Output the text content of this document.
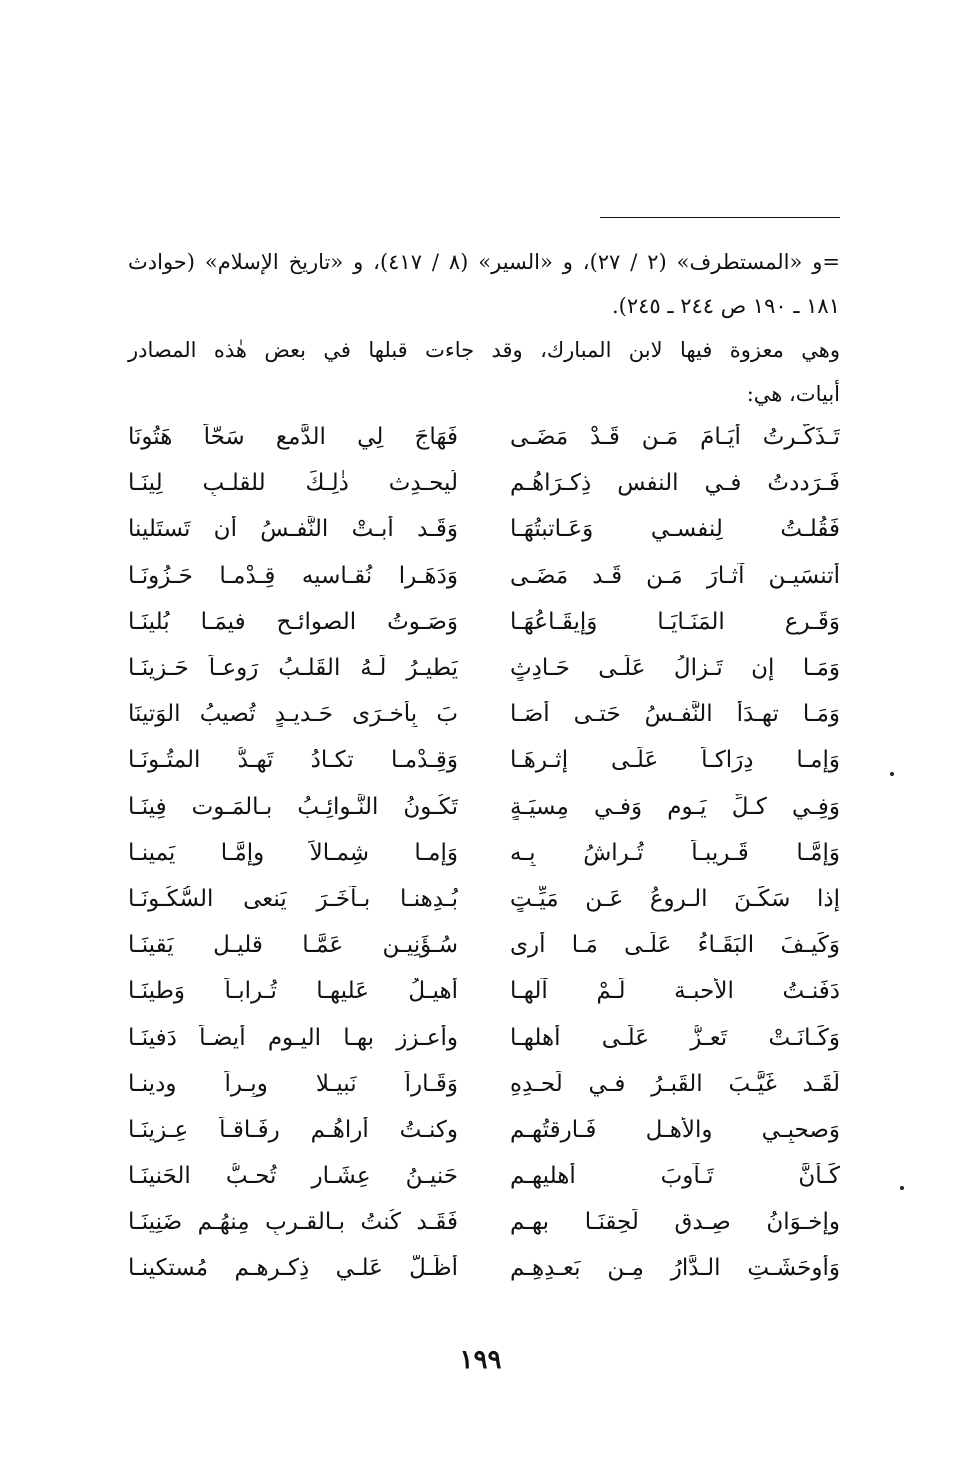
=و «المستطرف» (٢ / ٢٧)، و «السير» (٨ / ٤١٧)، و «تاريخ الإسلام» (حوادث
١٨١ ـ ١٩٠ ص ٢٤٤ ـ ٢٤٥).
وهي معزوة فيها لابن المبارك، وقد جاءت قبلها في بعض هٰذه المصادر
أبيات، هي:
تَـذَكَّـرتُ أيَـامَ مَـن قَـدْ مَضَـى
فَهَاجَ لِي الدَّمع سَحّاً هَتُونَا
فَـرَددتُ فـي النفس ذِكـرَاهُـم
لُيحـدِث ذٰلِـكَ للقلـبِ لِينَـا
فَقُلـتُ لِنفسـي وَعَـاتبتُهَـا
وَقَـد أبـتْ النَّفـسُ أن تَستَلينا
أتنسَيـن آثـارَ مَـن قَـد مَضَـى
وَدَهَـرا نُقـاسيه قِـدْمـا حَـزُونَـا
وَقَـرع المَنَـايَـا وَإيقَـاعُهَـا
وَصَـوتُ الصوائـح فيمَـا بُلينَـا
وَمَـا إن تَـزالُ عَلَـى حَـادِثٍ
يَطيـرُ لَـهُ القَلـبُ رَوعـاً حَـزينَـا
وَمَـا تهـدَأُ النَّفـسُ حَتـى أُصَـا
بَ بِأُخـرَى حَـديـدٍ تُصيبُ الوَتينَا
وَإمـا دِرَاكـاً عَلَـى إثـرِهَـا
وَقِـدْمـا تكـادُ تَهـدُّ المتُـونَـا
وَفِـي كـلِّ يَـومٍ وَفـي مِسيَـةٍ
تَكُـونُ النَّـوائِـبُ بـالمَـوت فِينَـا
وَإمَّـا قَـريبـاً تُـراشُ بِـه
وَإمـا شِمـالاً وإمَّـا يَمينـا
إذا سَكَـنَ الـروعُ عَـن مَيِّـتٍ
بُـدِهنـا بـآخَـرَ يَنعى السُّكُـونَـا
وَكَيـفَ البَقَـاءُ عَلَـى مَـا أرى
سُـؤَنِيـن عَمَّـا قليـل يَقينَـا
دَفَنـتُ الأحبـة لَـمْ آلهـا
أُهيـلُ عَليهـا تُـرابـاً وَطينَـا
وَكَـانَـتْ تَعـزُّ عَلَـى أهلهـا
وأعـزز بهـا اليـوم أيضـاً دَفينَـا
لَقَـد غَيَّـبَ القَبـرُ فـي لَحـدِهِ
وَقَـاراً نَبيـلا وبِـراً ودينـا
وَصحبِـي والأهـل فَـارقتُهـم
وكنـتُ أراهُـم رِفَـاقـاً عِـزينَـا
كَـأنَّ تَـآوبَ أهليهـم
حَنيـنُ عِشَـارٍ تُحـبُّ الحَنينَـا
وإخـوَانُ صِـدقٍ لَحِقنَـا بهـم
فَقَـد كُنتُ بـالقـربِ مِنهُـم ضَنِينَـا
وَأَوحَشَـتِ الـدَّارُ مِـن بَعـدِهِـم
أظَـلُّ عَلـي ذِكـرِهـم مُستكينـا
١٩٩
